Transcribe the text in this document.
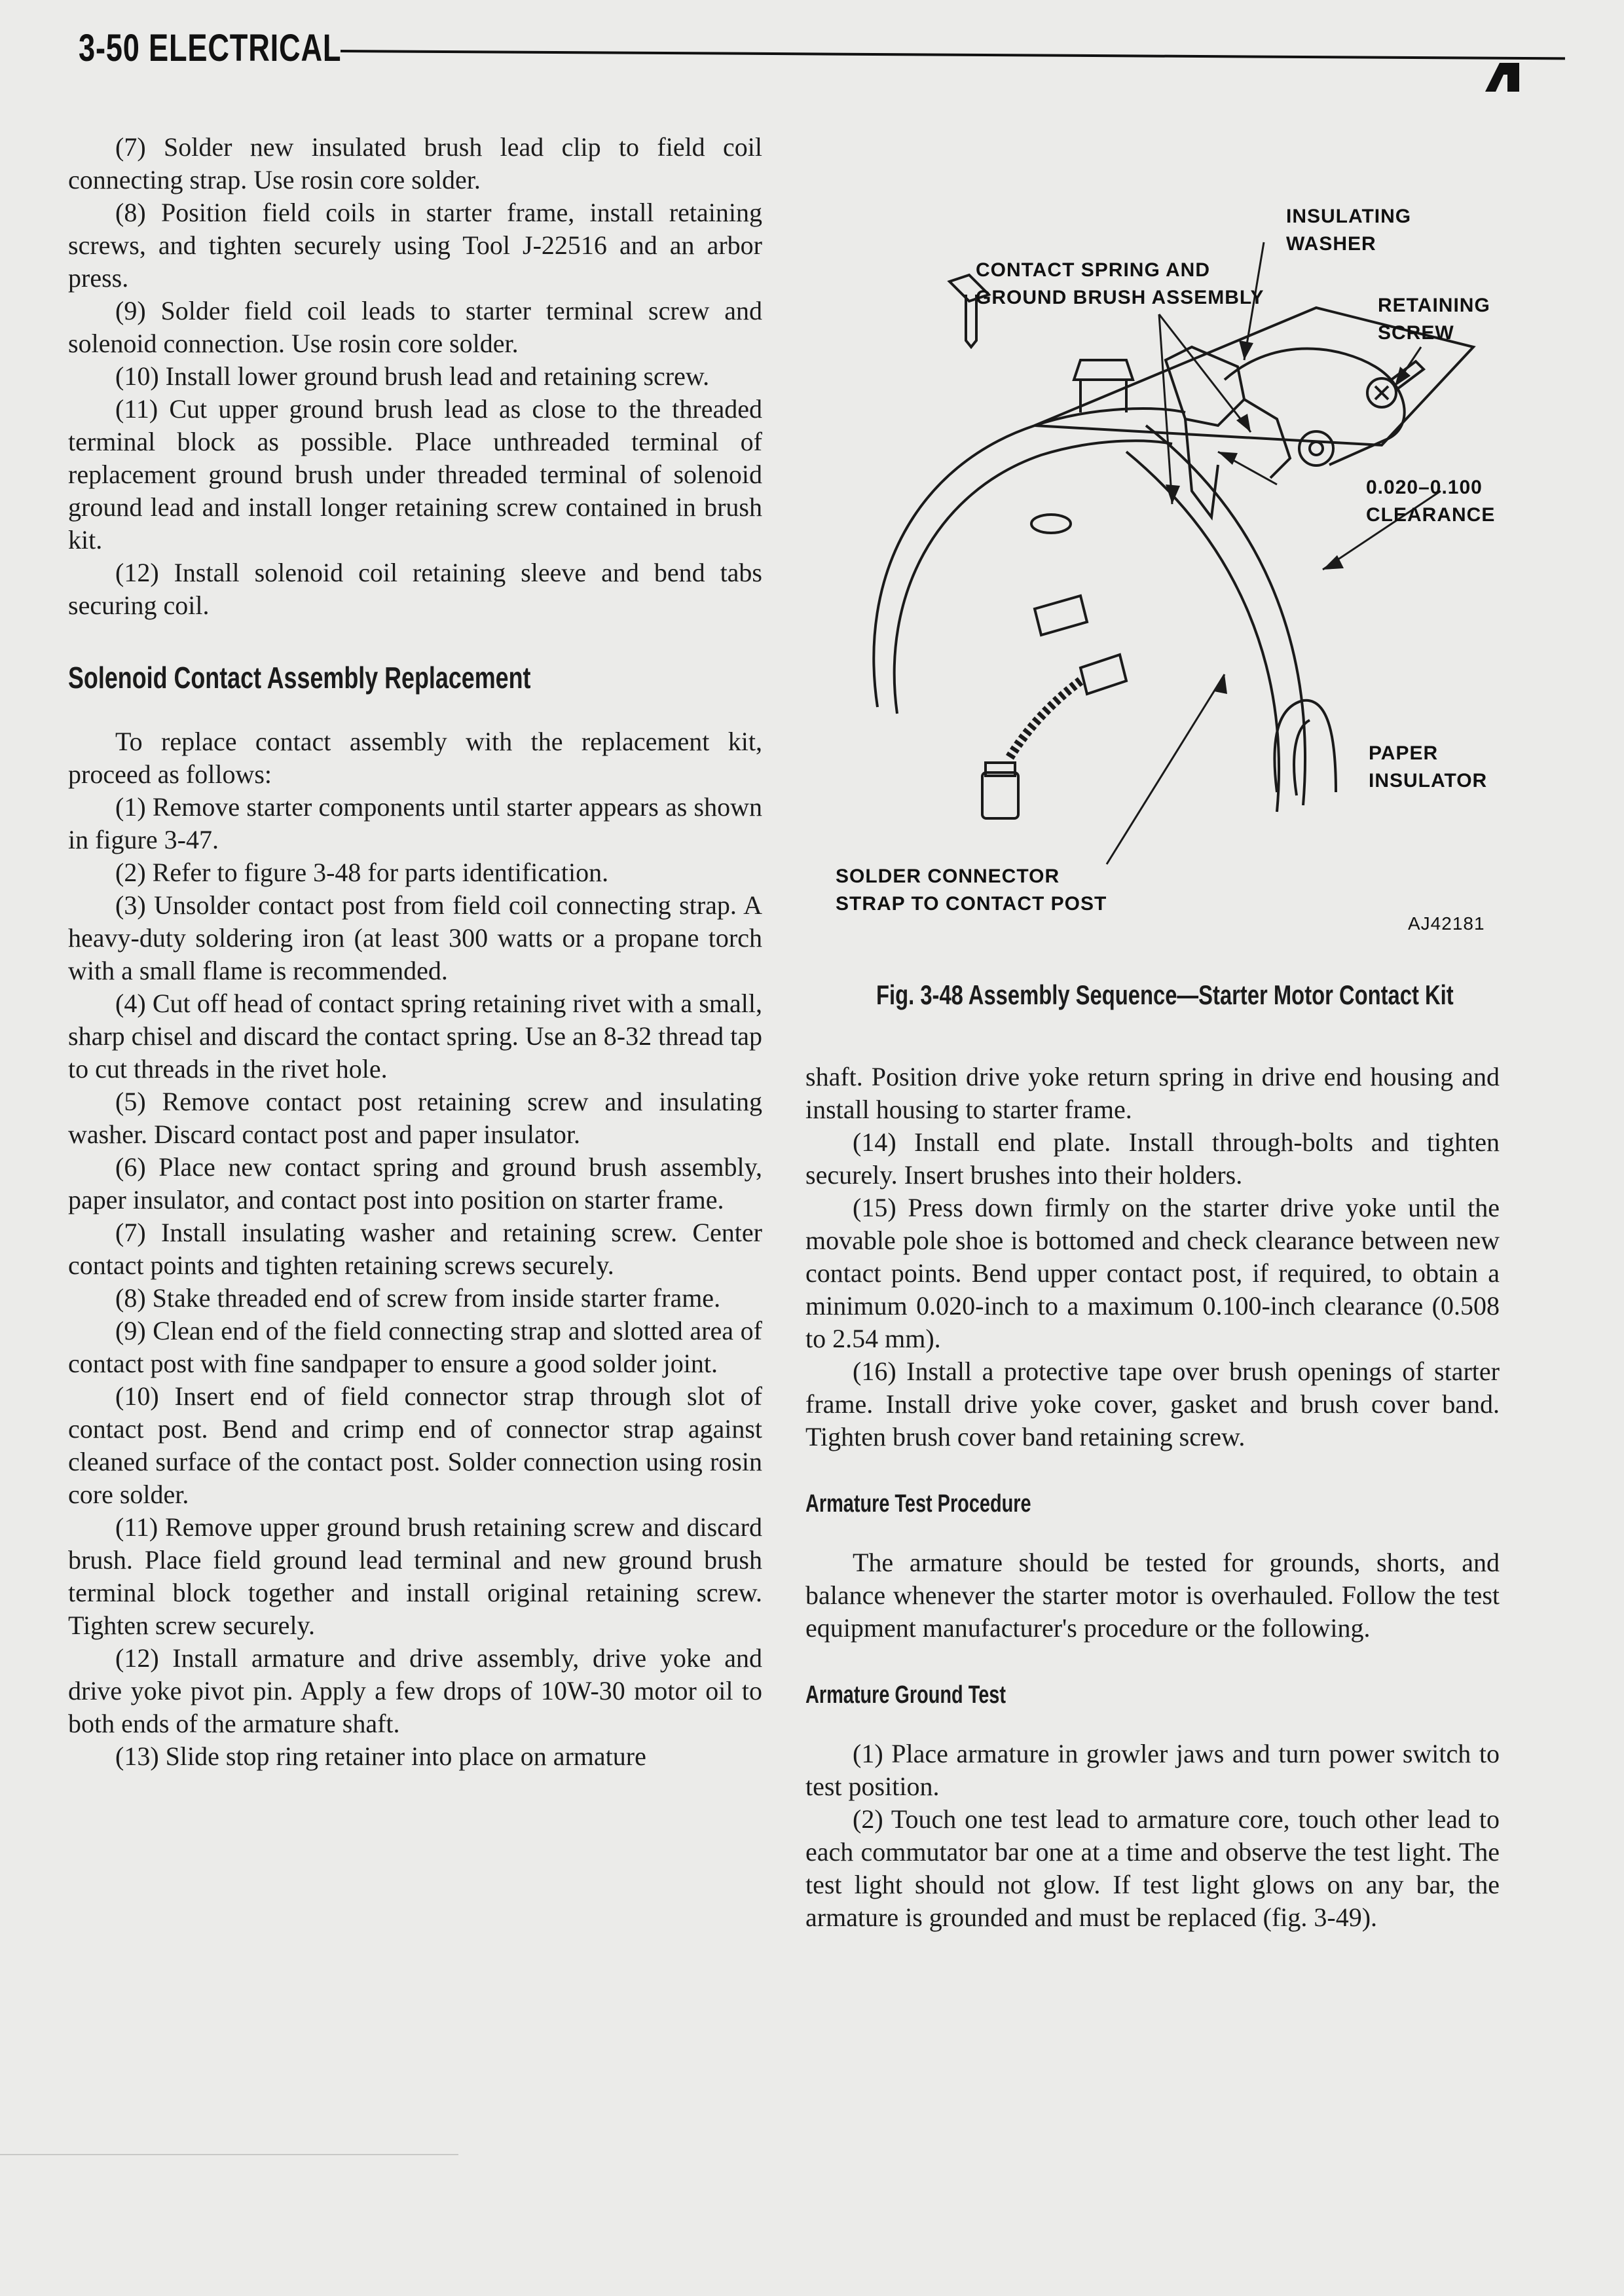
3-50 ELECTRICAL

(7) Solder new insulated brush lead clip to field coil connecting strap. Use rosin core solder.

(8) Position field coils in starter frame, install retaining screws, and tighten securely using Tool J-22516 and an arbor press.

(9) Solder field coil leads to starter terminal screw and solenoid connection. Use rosin core solder.

(10) Install lower ground brush lead and retaining screw.

(11) Cut upper ground brush lead as close to the threaded terminal block as possible. Place unthreaded terminal of replacement ground brush under threaded terminal of solenoid ground lead and install longer retaining screw contained in brush kit.

(12) Install solenoid coil retaining sleeve and bend tabs securing coil.

Solenoid Contact Assembly Replacement

To replace contact assembly with the replacement kit, proceed as follows:

(1) Remove starter components until starter appears as shown in figure 3-47.

(2) Refer to figure 3-48 for parts identification.

(3) Unsolder contact post from field coil connecting strap. A heavy-duty soldering iron (at least 300 watts or a propane torch with a small flame is recommended.

(4) Cut off head of contact spring retaining rivet with a small, sharp chisel and discard the contact spring. Use an 8-32 thread tap to cut threads in the rivet hole.

(5) Remove contact post retaining screw and insulating washer. Discard contact post and paper insulator.

(6) Place new contact spring and ground brush assembly, paper insulator, and contact post into position on starter frame.

(7) Install insulating washer and retaining screw. Center contact points and tighten retaining screws securely.

(8) Stake threaded end of screw from inside starter frame.

(9) Clean end of the field connecting strap and slotted area of contact post with fine sandpaper to ensure a good solder joint.

(10) Insert end of field connector strap through slot of contact post. Bend and crimp end of connector strap against cleaned surface of the contact post. Solder connection using rosin core solder.

(11) Remove upper ground brush retaining screw and discard brush. Place field ground lead terminal and new ground brush terminal block together and install original retaining screw. Tighten screw securely.

(12) Install armature and drive assembly, drive yoke and drive yoke pivot pin. Apply a few drops of 10W-30 motor oil to both ends of the armature shaft.

(13) Slide stop ring retainer into place on armature

INSULATING
WASHER
CONTACT SPRING AND
GROUND BRUSH ASSEMBLY	RETAINING
SCREW
0.020–0.100
CLEARANCE
PAPER
INSULATOR
SOLDER CONNECTOR
STRAP TO CONTACT POST
AJ42181
Fig. 3-48 Assembly Sequence—Starter Motor Contact Kit

shaft. Position drive yoke return spring in drive end housing and install housing to starter frame.

(14) Install end plate. Install through-bolts and tighten securely. Insert brushes into their holders.

(15) Press down firmly on the starter drive yoke until the movable pole shoe is bottomed and check clearance between new contact points. Bend upper contact post, if required, to obtain a minimum 0.020-inch to a maximum 0.100-inch clearance (0.508 to 2.54 mm).

(16) Install a protective tape over brush openings of starter frame. Install drive yoke cover, gasket and brush cover band. Tighten brush cover band retaining screw.

Armature Test Procedure

The armature should be tested for grounds, shorts, and balance whenever the starter motor is overhauled. Follow the test equipment manufacturer's procedure or the following.

Armature Ground Test

(1) Place armature in growler jaws and turn power switch to test position.

(2) Touch one test lead to armature core, touch other lead to each commutator bar one at a time and observe the test light. The test light should not glow. If test light glows on any bar, the armature is grounded and must be replaced (fig. 3-49).
